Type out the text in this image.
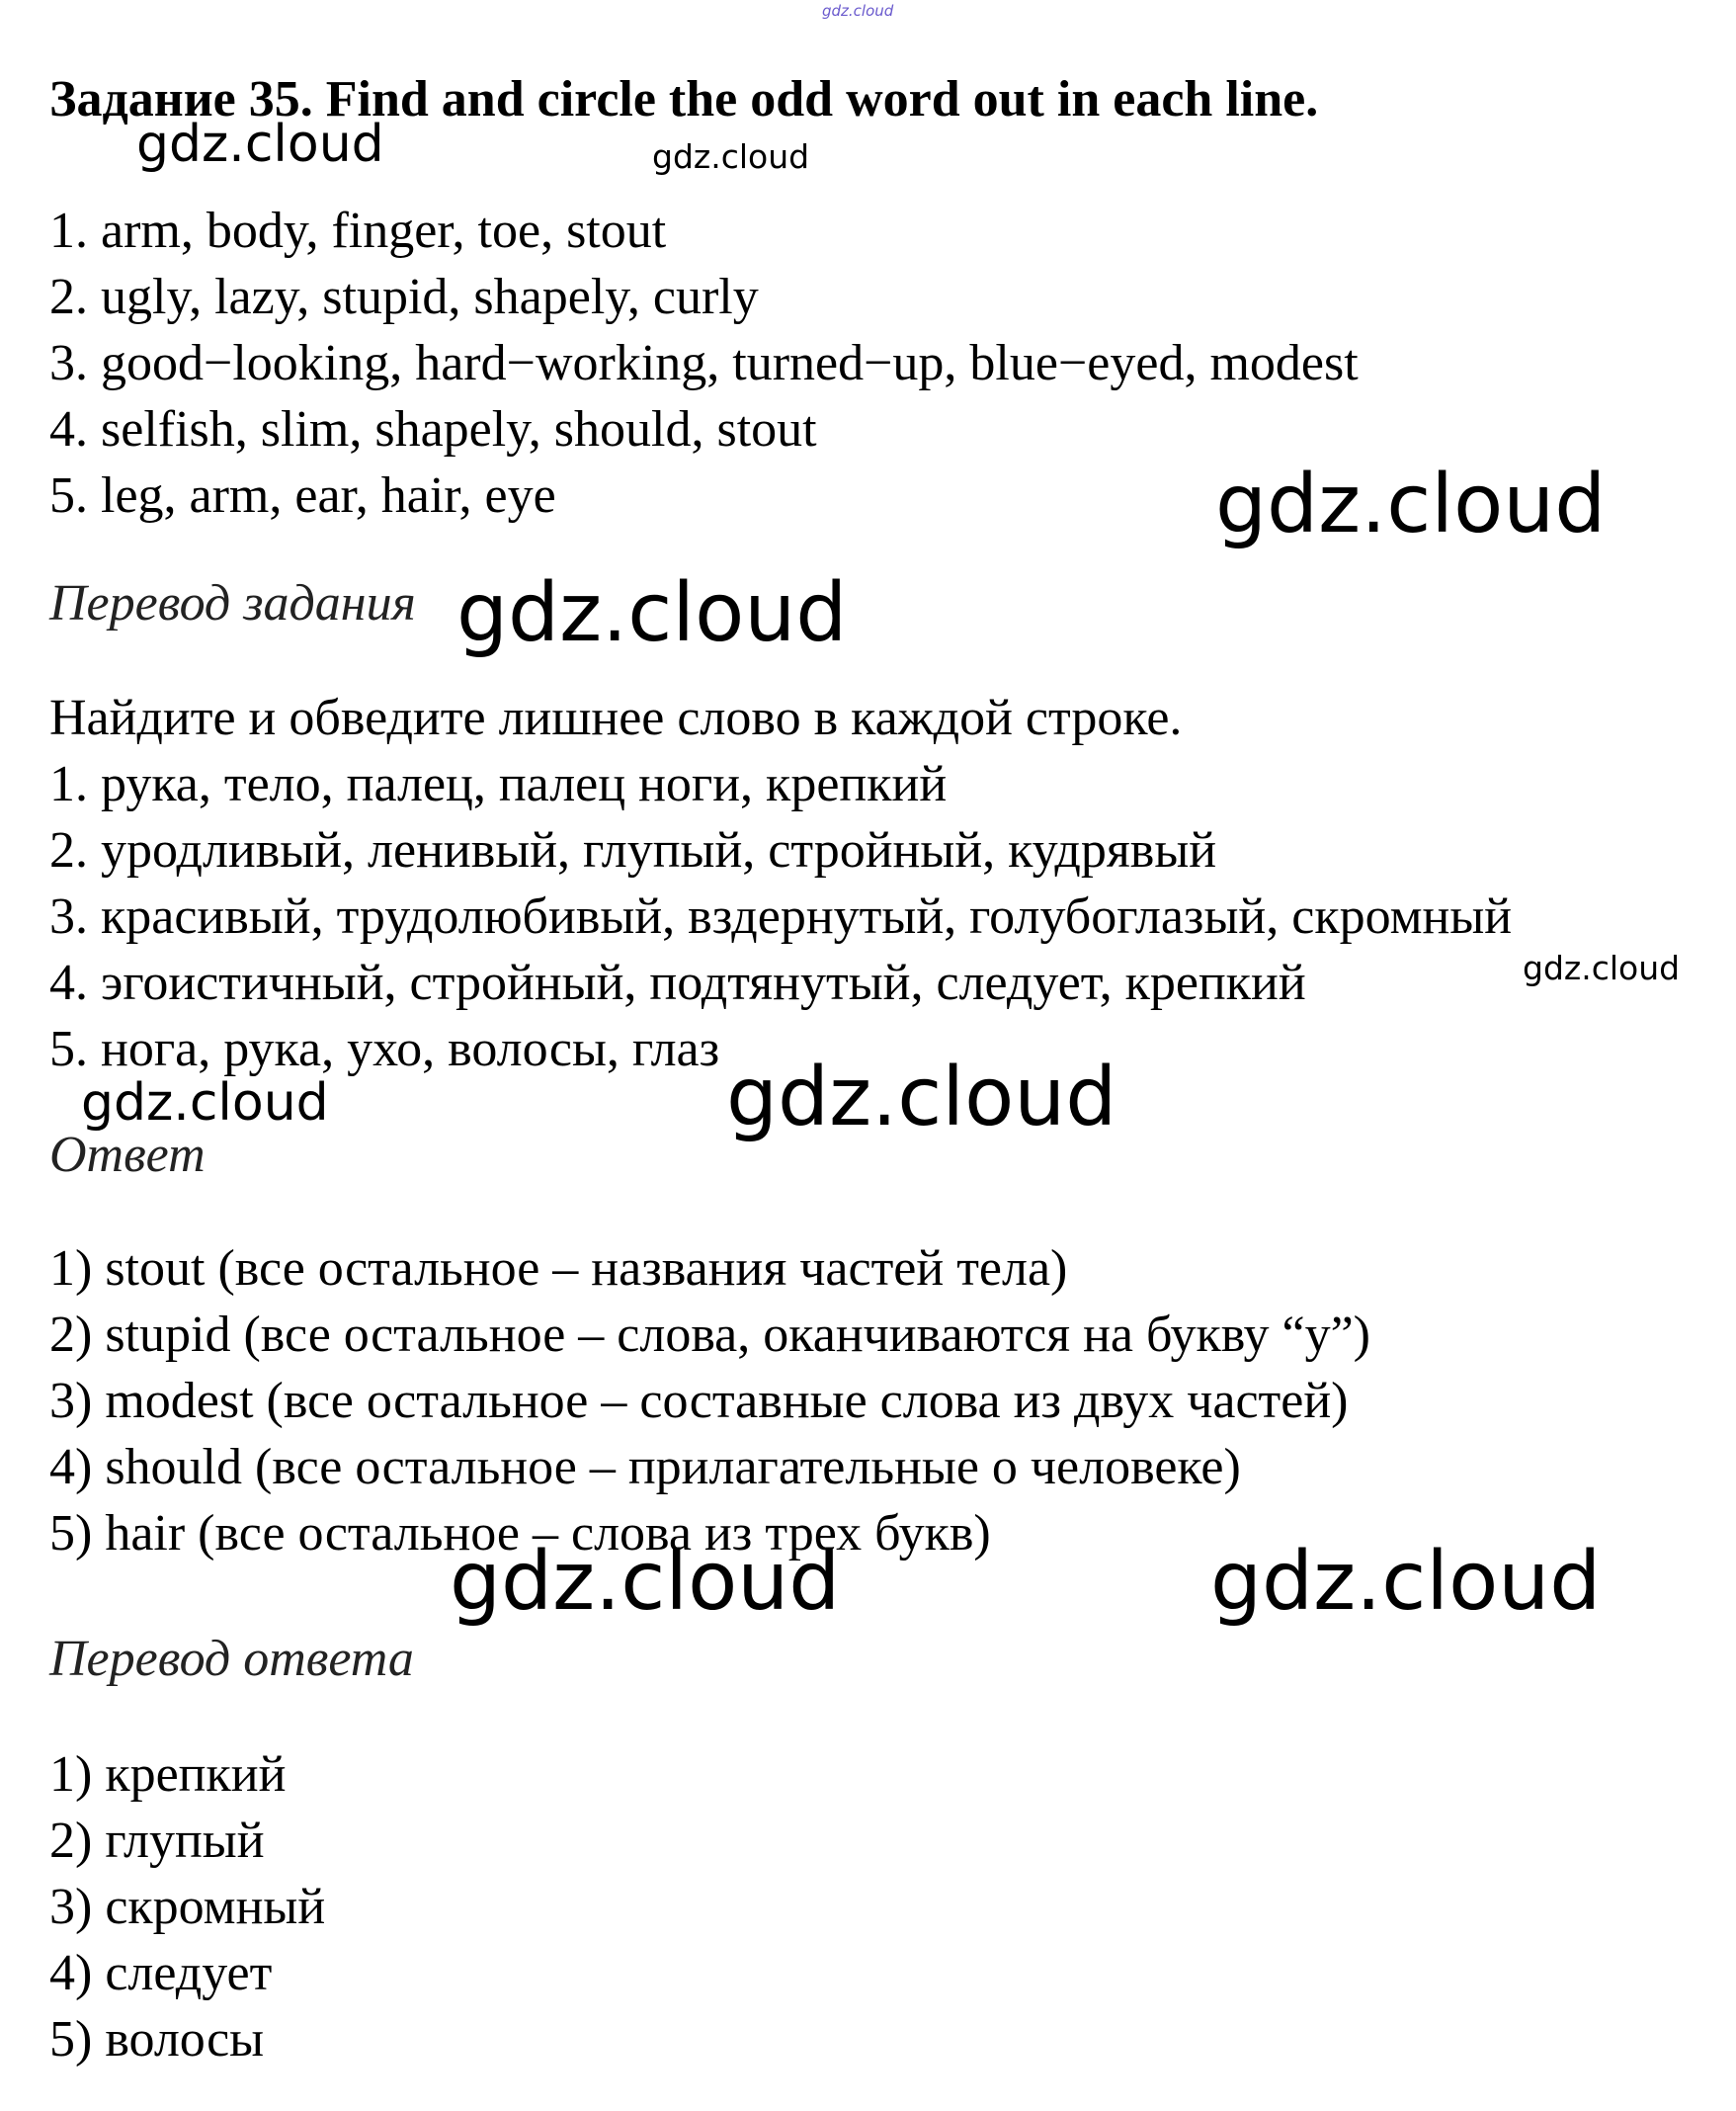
gdz.cloud
Задание 35. Find and circle the odd word out in each line.
1. arm, body, finger, toe, stout
2. ugly, lazy, stupid, shapely, curly
3. good−looking, hard−working, turned−up, blue−eyed, modest
4. selfish, slim, shapely, should, stout
5. leg, arm, ear, hair, eye
Перевод задания
Найдите и обведите лишнее слово в каждой строке.
1. рука, тело, палец, палец ноги, крепкий
2. уродливый, ленивый, глупый, стройный, кудрявый
3. красивый, трудолюбивый, вздернутый, голубоглазый, скромный
4. эгоистичный, стройный, подтянутый, следует, крепкий
5. нога, рука, ухо, волосы, глаз
Ответ
1) stout (все остальное – названия частей тела)
2) stupid (все остальное – слова, оканчиваются на букву “y”)
3) modest (все остальное – составные слова из двух частей)
4) should (все остальное – прилагательные о человеке)
5) hair (все остальное – слова из трех букв)
Перевод ответа
1) крепкий
2) глупый
3) скромный
4) следует
5) волосы
gdz.cloud	gdz.cloud
gdz.cloud
gdz.cloud
gdz.cloud
gdz.cloud	gdz.cloud
gdz.cloud	gdz.cloud
